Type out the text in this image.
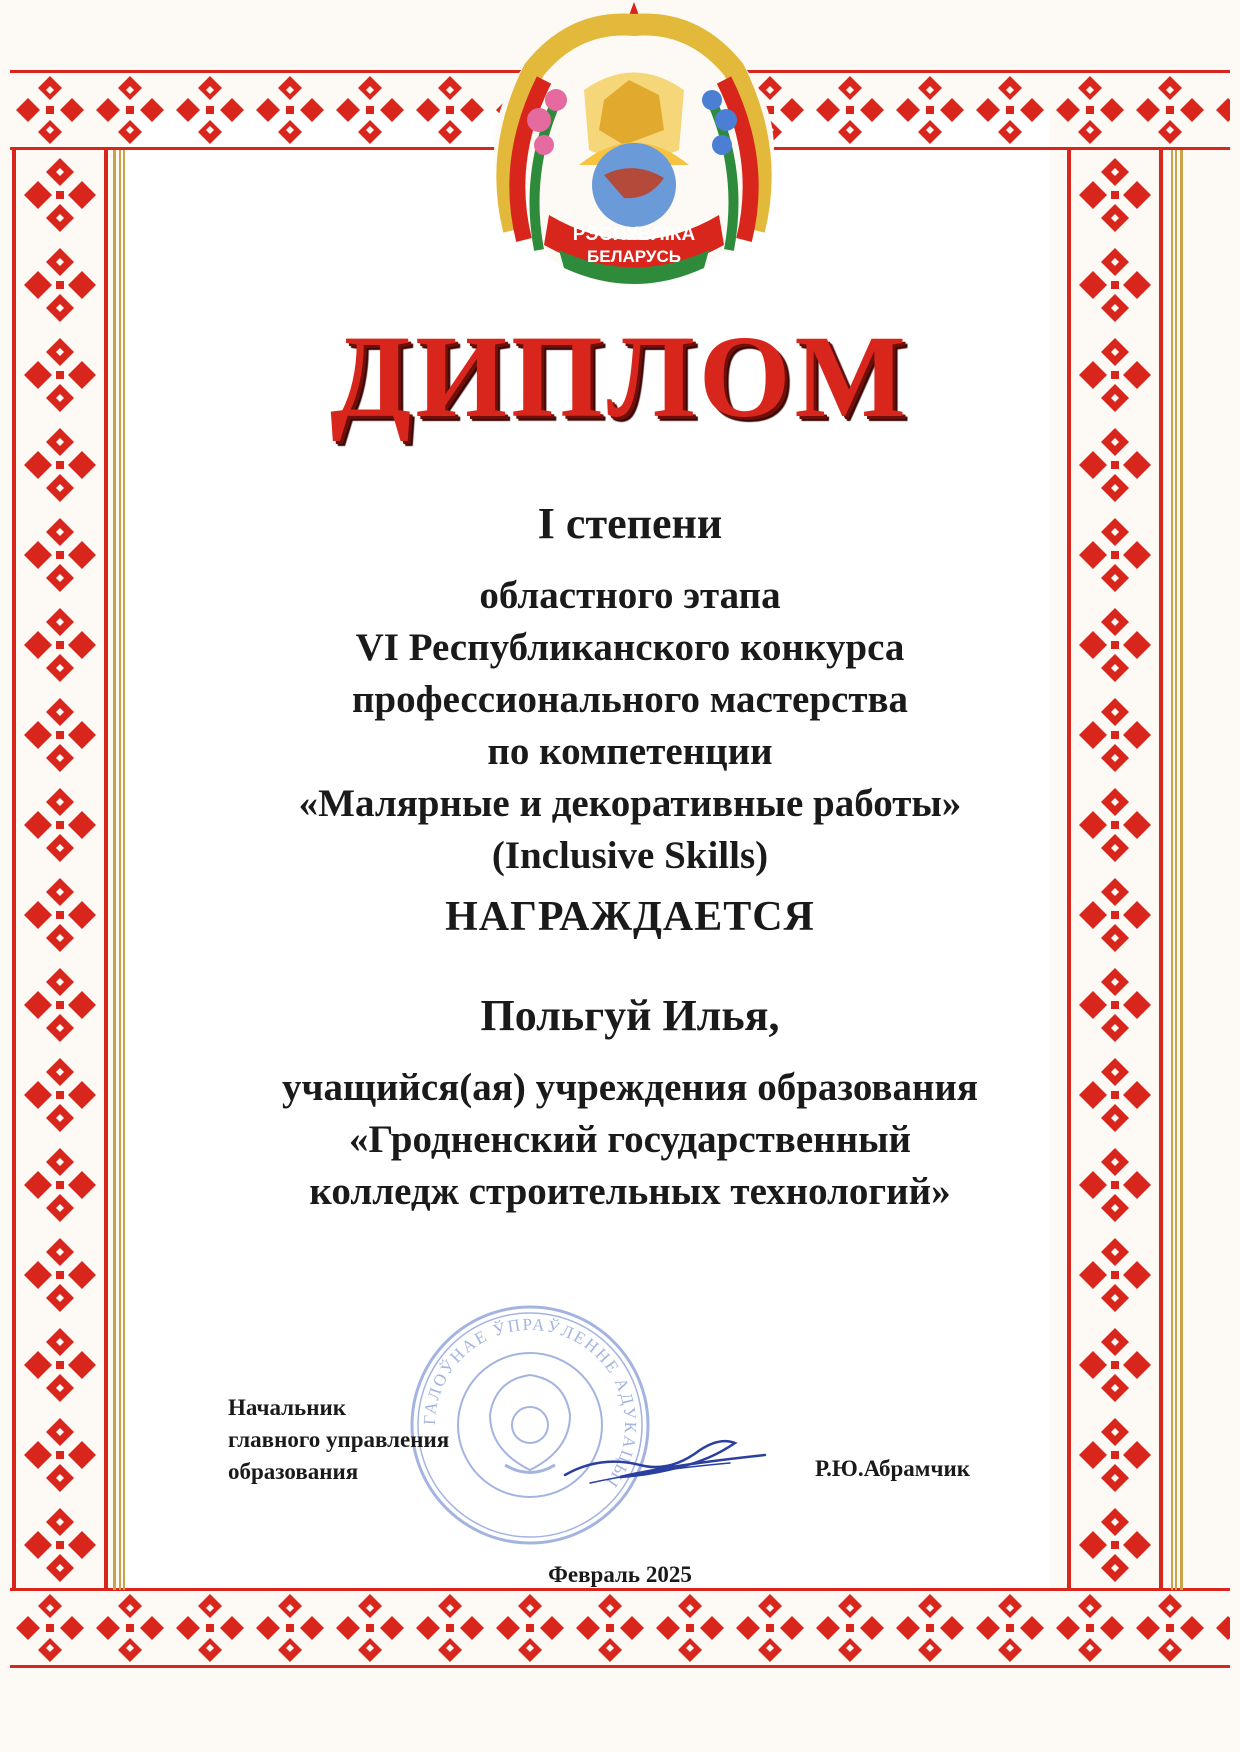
РЭСПУБЛІКА
БЕЛАРУСЬ
ДИПЛОМ
I степени
областного этапа
VI Республиканского конкурса
профессионального мастерства
по компетенции
«Малярные и декоративные работы»
(Inclusive Skills)
НАГРАЖДАЕТСЯ
Польгуй Илья,
учащийся(ая) учреждения образования
«Гродненский государственный
колледж строительных технологий»
ГАЛОЎНАЕ ЎПРАЎЛЕННЕ АДУКАЦЫІ
Начальник
главного управления
образования	Р.Ю.Абрамчик
Февраль 2025
